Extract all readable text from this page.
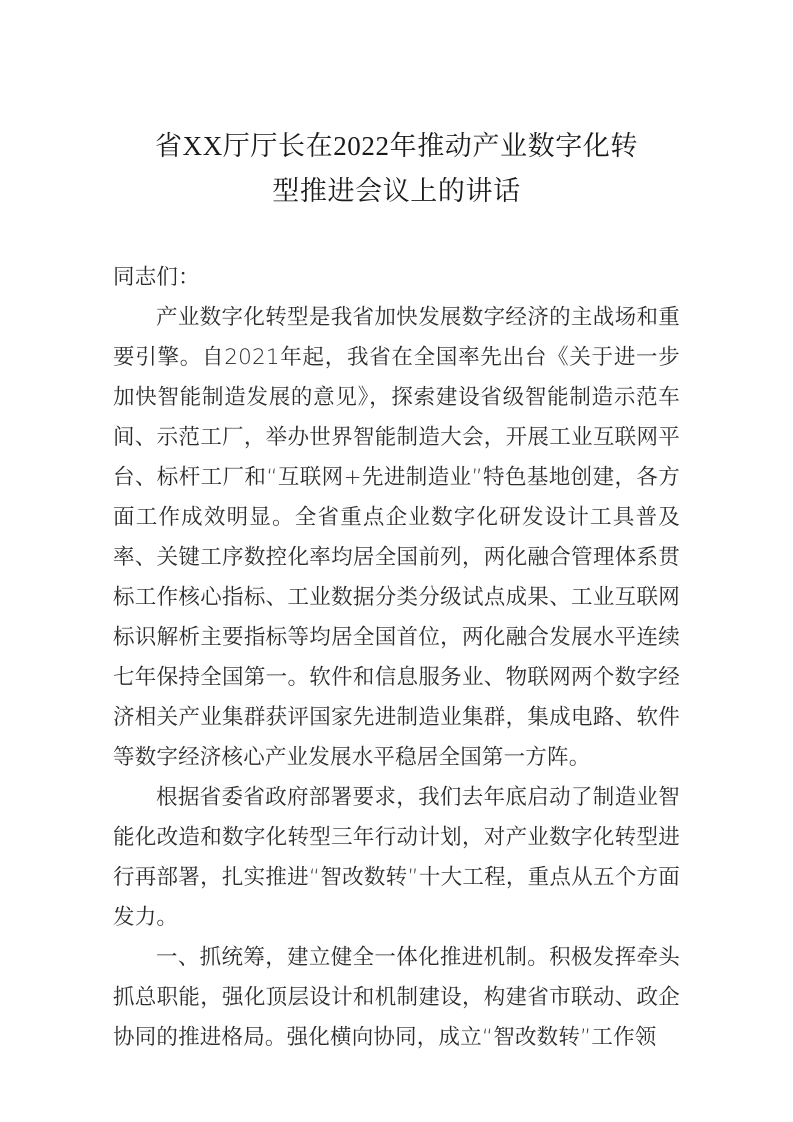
省XX厅厅长在2022年推动产业数字化转
型推进会议上的讲话

同志们：

产业数字化转型是我省加快发展数字经济的主战场和重要引擎。自2021年起，我省在全国率先出台《关于进一步加快智能制造发展的意见》，探索建设省级智能制造示范车间、示范工厂，举办世界智能制造大会，开展工业互联网平台、标杆工厂和“互联网+先进制造业”特色基地创建，各方面工作成效明显。全省重点企业数字化研发设计工具普及率、关键工序数控化率均居全国前列，两化融合管理体系贯标工作核心指标、工业数据分类分级试点成果、工业互联网标识解析主要指标等均居全国首位，两化融合发展水平连续七年保持全国第一。软件和信息服务业、物联网两个数字经济相关产业集群获评国家先进制造业集群，集成电路、软件等数字经济核心产业发展水平稳居全国第一方阵。

根据省委省政府部署要求，我们去年底启动了制造业智能化改造和数字化转型三年行动计划，对产业数字化转型进行再部署，扎实推进“智改数转”十大工程，重点从五个方面发力。

一、抓统筹，建立健全一体化推进机制。积极发挥牵头抓总职能，强化顶层设计和机制建设，构建省市联动、政企协同的推进格局。强化横向协同，成立“智改数转”工作领
